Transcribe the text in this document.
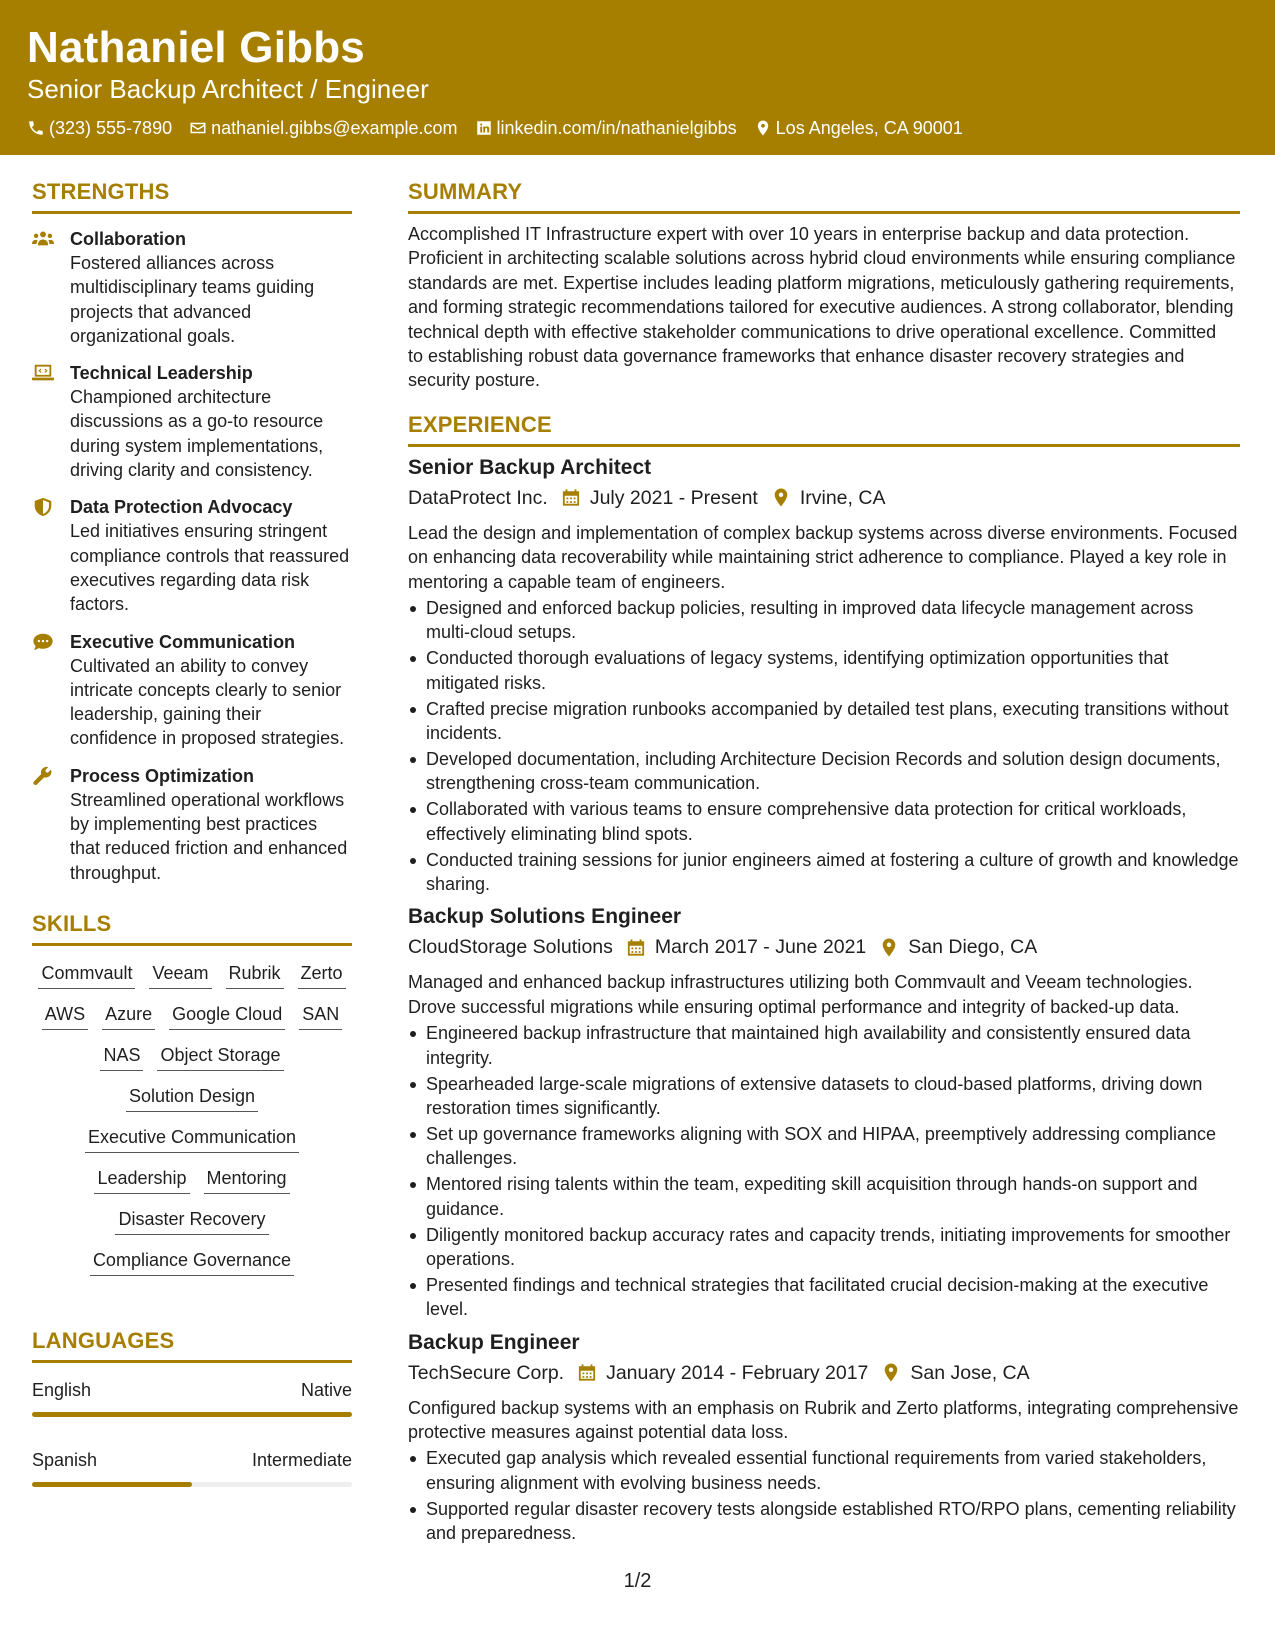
Nathaniel Gibbs
Senior Backup Architect / Engineer
(323) 555-7890 nathaniel.gibbs@example.com linkedin.com/in/nathanielgibbs Los Angeles, CA 90001
STRENGTHS
Collaboration
Fostered alliances across multidisciplinary teams guiding projects that advanced organizational goals.
Technical Leadership
Championed architecture discussions as a go-to resource during system implementations, driving clarity and consistency.
Data Protection Advocacy
Led initiatives ensuring stringent compliance controls that reassured executives regarding data risk factors.
Executive Communication
Cultivated an ability to convey intricate concepts clearly to senior leadership, gaining their confidence in proposed strategies.
Process Optimization
Streamlined operational workflows by implementing best practices that reduced friction and enhanced throughput.
SKILLS
Commvault Veeam Rubrik Zerto
AWS Azure Google Cloud SAN
NAS Object Storage
Solution Design
Executive Communication
Leadership Mentoring
Disaster Recovery
Compliance Governance
LANGUAGES
English	Native
Spanish	Intermediate
SUMMARY
Accomplished IT Infrastructure expert with over 10 years in enterprise backup and data protection. Proficient in architecting scalable solutions across hybrid cloud environments while ensuring compliance standards are met. Expertise includes leading platform migrations, meticulously gathering requirements, and forming strategic recommendations tailored for executive audiences. A strong collaborator, blending technical depth with effective stakeholder communications to drive operational excellence. Committed to establishing robust data governance frameworks that enhance disaster recovery strategies and security posture.
EXPERIENCE
Senior Backup Architect
DataProtect Inc. July 2021 - Present Irvine, CA
Lead the design and implementation of complex backup systems across diverse environments. Focused on enhancing data recoverability while maintaining strict adherence to compliance. Played a key role in mentoring a capable team of engineers.
Designed and enforced backup policies, resulting in improved data lifecycle management across multi-cloud setups.
Conducted thorough evaluations of legacy systems, identifying optimization opportunities that mitigated risks.
Crafted precise migration runbooks accompanied by detailed test plans, executing transitions without incidents.
Developed documentation, including Architecture Decision Records and solution design documents, strengthening cross-team communication.
Collaborated with various teams to ensure comprehensive data protection for critical workloads, effectively eliminating blind spots.
Conducted training sessions for junior engineers aimed at fostering a culture of growth and knowledge sharing.
Backup Solutions Engineer
CloudStorage Solutions March 2017 - June 2021 San Diego, CA
Managed and enhanced backup infrastructures utilizing both Commvault and Veeam technologies. Drove successful migrations while ensuring optimal performance and integrity of backed-up data.
Engineered backup infrastructure that maintained high availability and consistently ensured data integrity.
Spearheaded large-scale migrations of extensive datasets to cloud-based platforms, driving down restoration times significantly.
Set up governance frameworks aligning with SOX and HIPAA, preemptively addressing compliance challenges.
Mentored rising talents within the team, expediting skill acquisition through hands-on support and guidance.
Diligently monitored backup accuracy rates and capacity trends, initiating improvements for smoother operations.
Presented findings and technical strategies that facilitated crucial decision-making at the executive level.
Backup Engineer
TechSecure Corp. January 2014 - February 2017 San Jose, CA
Configured backup systems with an emphasis on Rubrik and Zerto platforms, integrating comprehensive protective measures against potential data loss.
Executed gap analysis which revealed essential functional requirements from varied stakeholders, ensuring alignment with evolving business needs.
Supported regular disaster recovery tests alongside established RTO/RPO plans, cementing reliability and preparedness.
1/2
